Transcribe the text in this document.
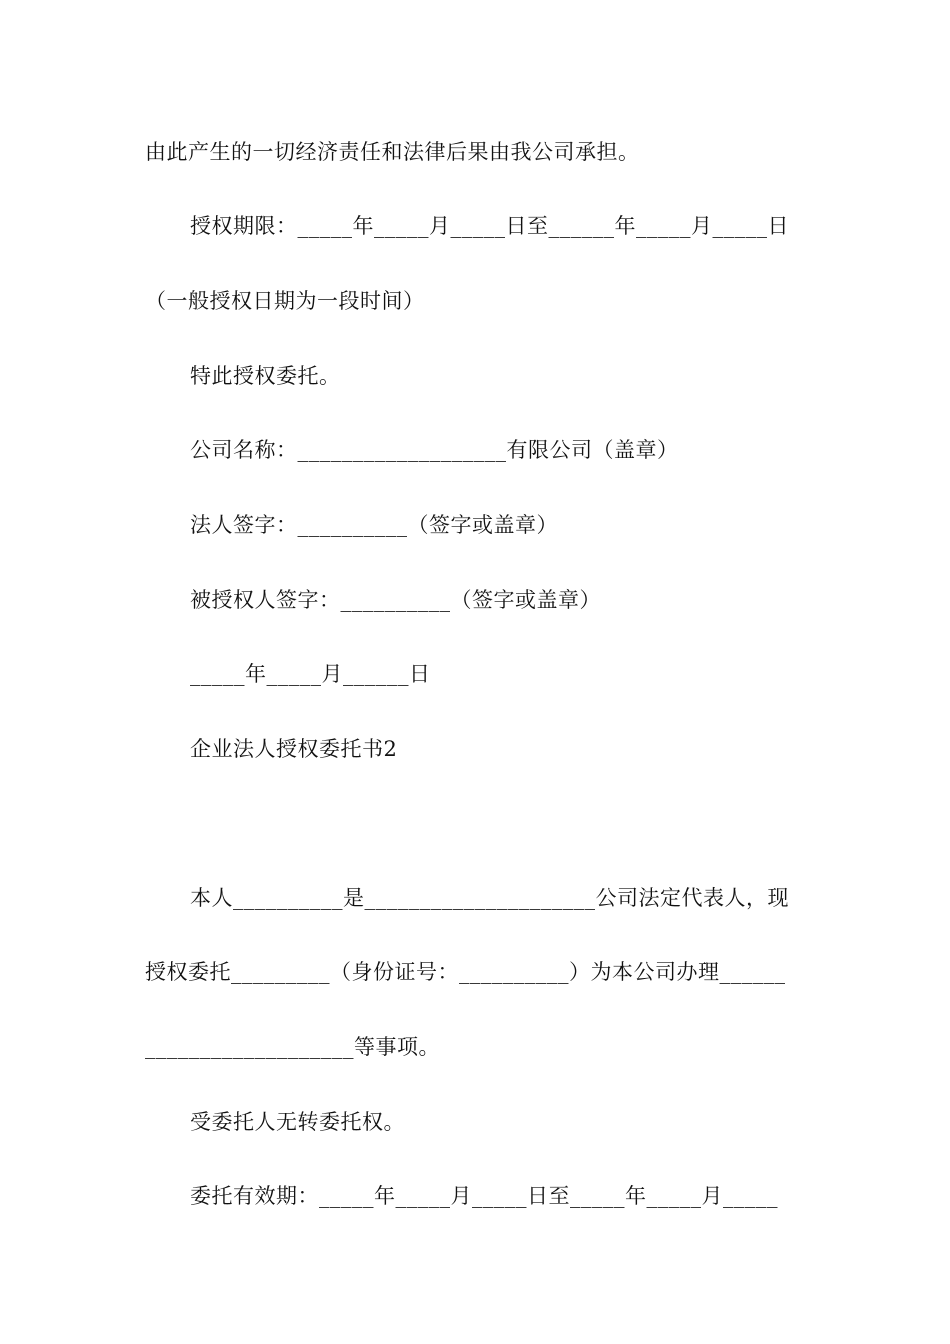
由此产生的一切经济责任和法律后果由我公司承担。
授权期限：_____年_____月_____日至______年_____月_____日
（一般授权日期为一段时间）
特此授权委托。
公司名称：___________________有限公司（盖章）
法人签字：__________（签字或盖章）
被授权人签字：__________（签字或盖章）
_____年_____月______日
企业法人授权委托书2
本人__________是_____________________公司法定代表人，现
授权委托_________（身份证号：__________）为本公司办理______
___________________等事项。
受委托人无转委托权。
委托有效期：_____年_____月_____日至_____年_____月_____
